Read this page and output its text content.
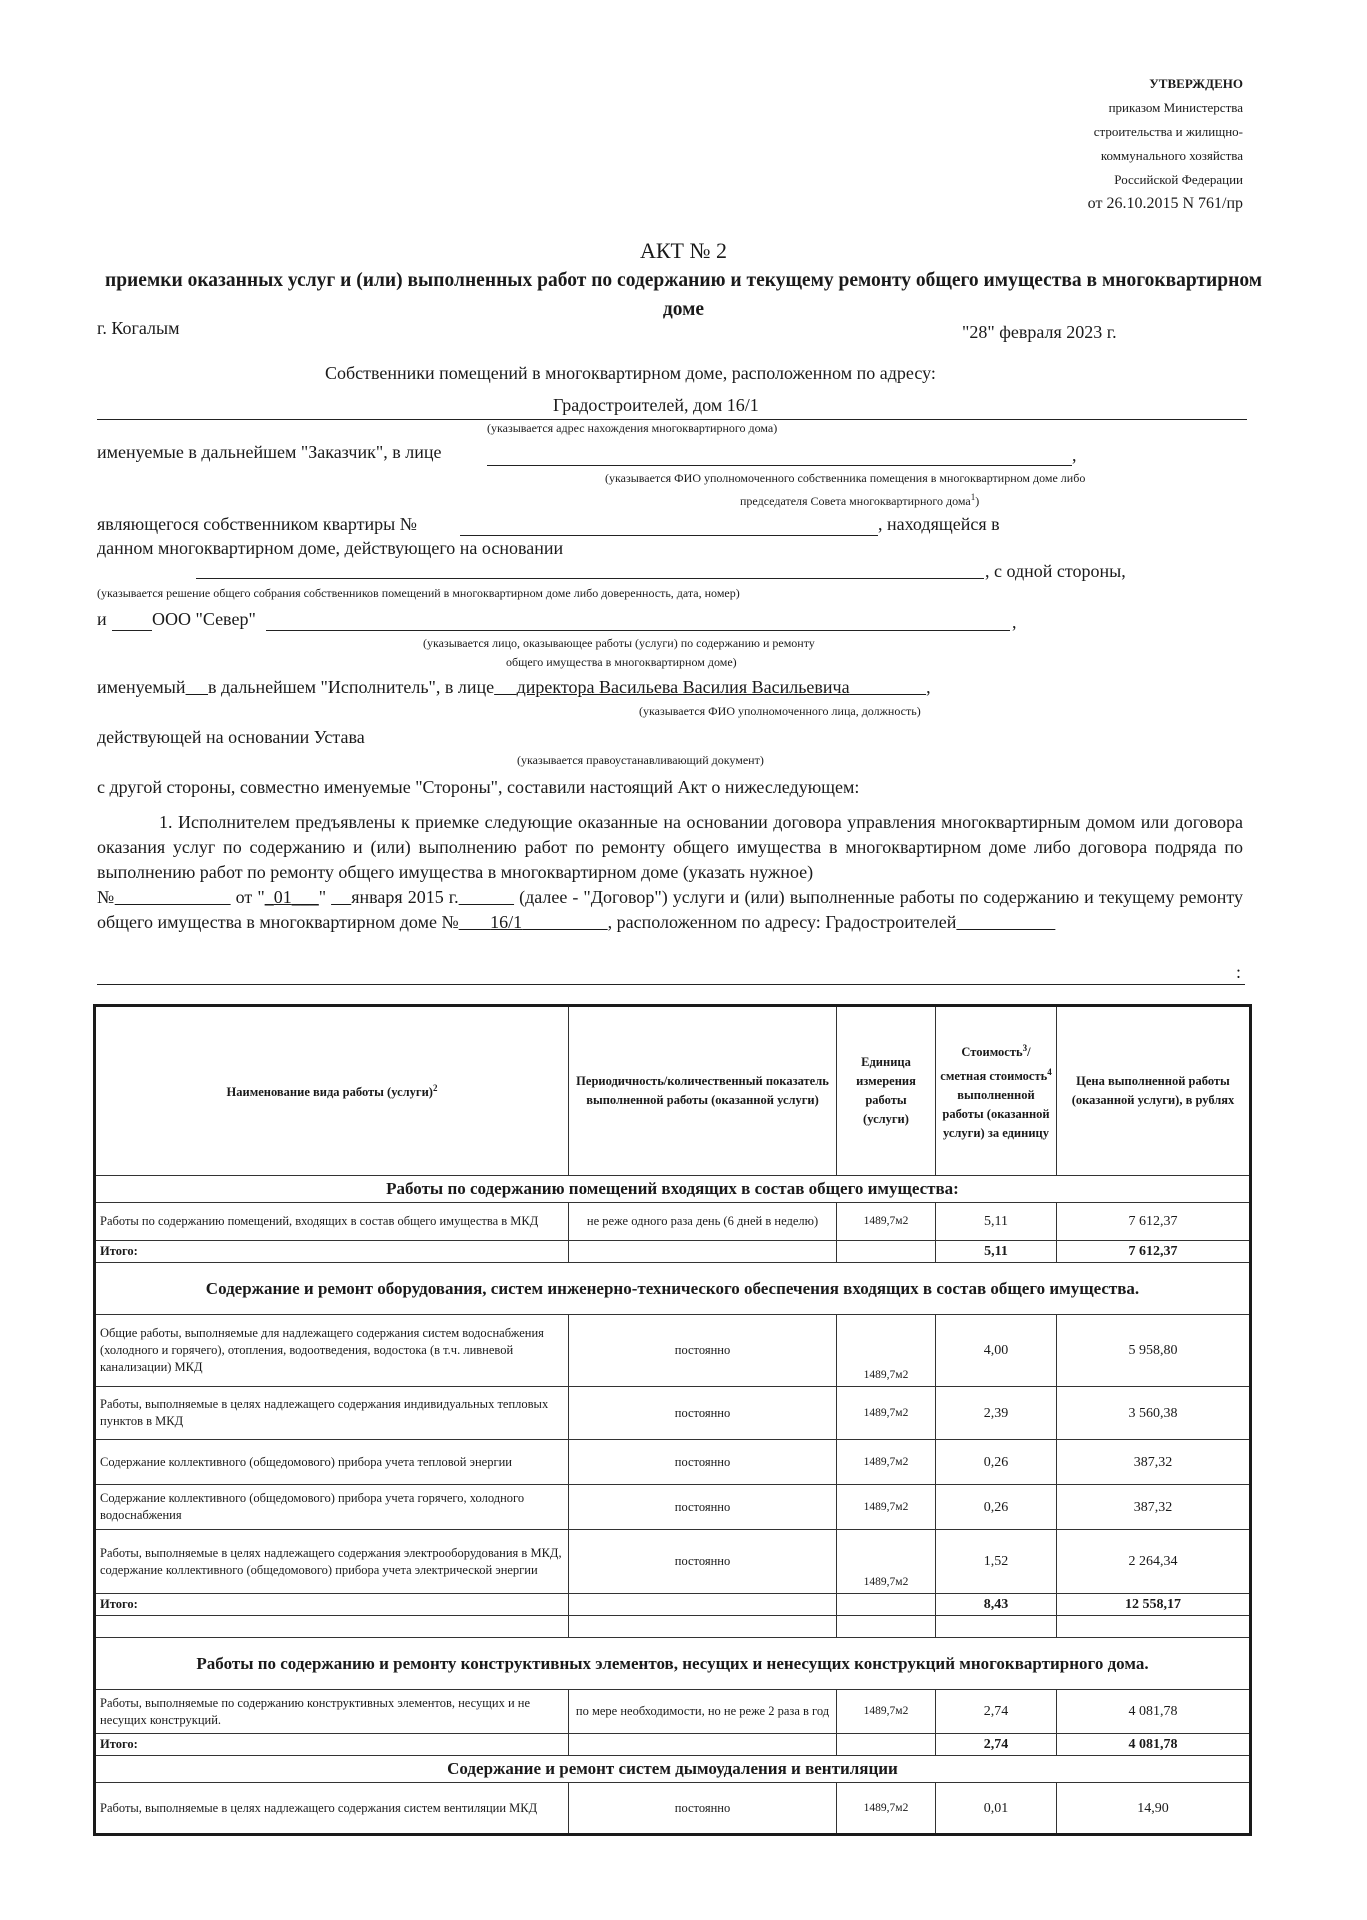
УТВЕРЖДЕНО
приказом Министерства
строительства и жилищно-
коммунального хозяйства
Российской Федерации
от 26.10.2015 N 761/пр
АКТ № 2
приемки оказанных услуг и (или) выполненных работ по содержанию и текущему ремонту общего имущества в многоквартирном доме
г. Когалым	"28" февраля 2023 г.
Собственники помещений в многоквартирном доме, расположенном по адресу:
Градостроителей, дом 16/1
(указывается адрес нахождения многоквартирного дома)
именуемые в дальнейшем "Заказчик", в лице	,
(указывается ФИО уполномоченного собственника помещения в многоквартирном доме либо
председателя Совета многоквартирного дома$^1$)
являющегося собственником квартиры №	, находящейся в
данном многоквартирном доме, действующего на основании
, с одной стороны,
(указывается решение общего собрания собственников помещений в многоквартирном доме либо доверенность, дата, номер)
и	ООО "Север"	,
(указывается лицо, оказывающее работы (услуги) по содержанию и ремонту
общего имущества в многоквартирном доме)
именуемый в дальнейшем "Исполнитель", в лице директора Васильева Василия Васильевича	,
(указывается ФИО уполномоченного лица, должность)
действующей на основании Устава
(указывается правоустанавливающий документ)
с другой стороны, совместно именуемые "Стороны", составили настоящий Акт о нижеследующем:
1. Исполнителем предъявлены к приемке следующие оказанные на основании договора управления многоквартирным домом или договора оказания услуг по содержанию и (или) выполнению работ по ремонту общего имущества в многоквартирном доме либо договора подряда по выполнению работ по ремонту общего имущества в многоквартирном доме (указать нужное)
№	от "_01___"     января 2015 г.	(далее - "Договор") услуги и (или) выполненные работы по содержанию и текущему ремонту общего имущества в многоквартирном доме № 16/1	, расположенном по адресу: Градостроителей
:
Наименование вида работы (услуги)$^2$	Периодичность/количественный показатель выполненной работы (оказанной услуги)	Единица измерения работы (услуги)	Стоимость$^3$/сметная стоимость$^4$ выполненной работы (оказанной услуги) за единицу	Цена выполненной работы (оказанной услуги), в рублях
Работы по содержанию помещений входящих в состав общего имущества:				
Работы по содержанию помещений, входящих в состав общего имущества в МКД	не реже одного раза день (6 дней в неделю)	1489,7м2	5,11	7 612,37
Итого:			5,11	7 612,37
Содержание и ремонт оборудования, систем инженерно-технического обеспечения входящих в состав общего имущества.				
Общие работы, выполняемые для надлежащего содержания систем водоснабжения (холодного и горячего), отопления, водоотведения, водостока (в т.ч. ливневой канализации) МКД	постоянно	1489,7м2	4,00	5 958,80
Работы, выполняемые в целях надлежащего содержания индивидуальных тепловых пунктов в МКД	постоянно	1489,7м2	2,39	3 560,38
Содержание коллективного (общедомового) прибора учета тепловой энергии	постоянно	1489,7м2	0,26	387,32
Содержание коллективного (общедомового) прибора учета горячего, холодного водоснабжения	постоянно	1489,7м2	0,26	387,32
Работы, выполняемые в целях надлежащего содержания электрооборудования в МКД, содержание коллективного (общедомового) прибора учета электрической энергии	постоянно	1489,7м2	1,52	2 264,34
Итого:			8,43	12 558,17

Работы по содержанию и ремонту конструктивных элементов, несущих и ненесущих конструкций многоквартирного дома.				
Работы, выполняемые по содержанию конструктивных элементов, несущих и не несущих конструкций.	по мере необходимости, но не реже 2 раза в год	1489,7м2	2,74	4 081,78
Итого:			2,74	4 081,78
Содержание и ремонт систем дымоудаления и вентиляции				
Работы, выполняемые в целях надлежащего содержания систем вентиляции МКД	постоянно	1489,7м2	0,01	14,90
